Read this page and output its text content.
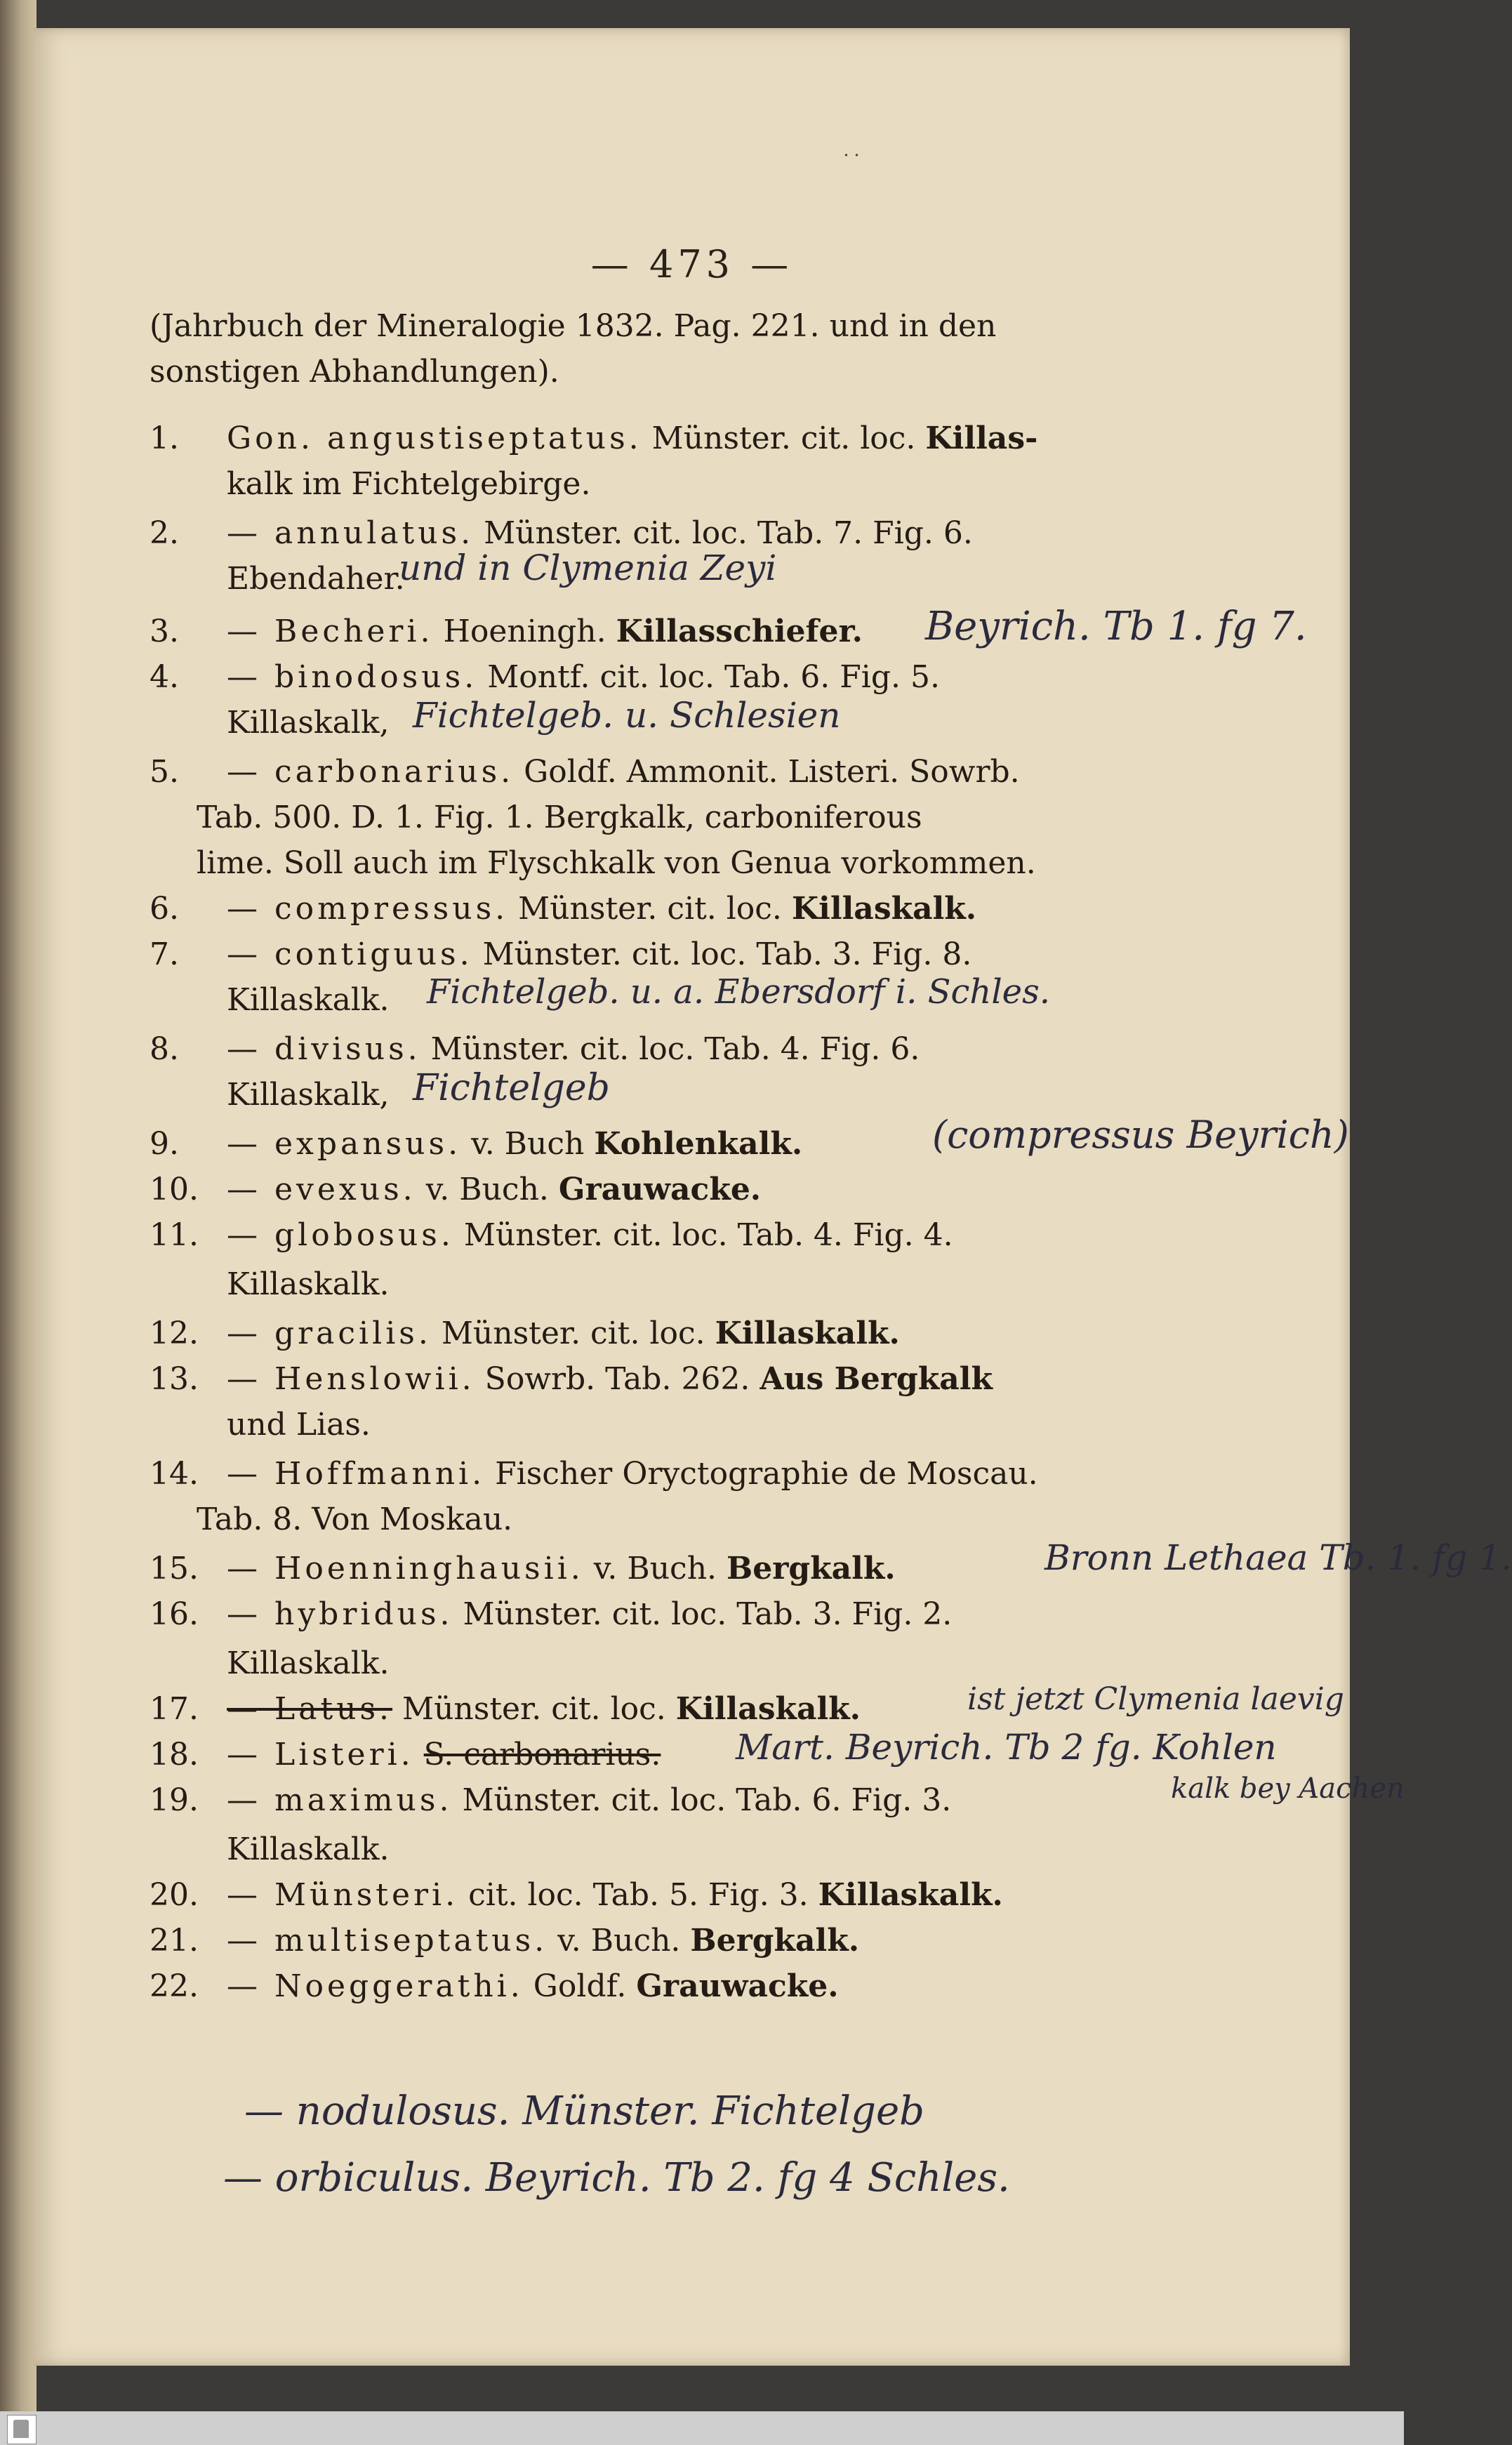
˙˙
— 473 —
(Jahrbuch der Mineralogie 1832. Pag. 221. und in den
sonstigen Abhandlungen).
1. Gon. angustiseptatus. Münster. cit. loc. Killas-
kalk im Fichtelgebirge.
2. — annulatus. Münster. cit. loc. Tab. 7. Fig. 6.
Ebendaher.
und in Clymenia Zeyi
3. — Becheri. Hoeningh. Killasschiefer. Beyrich. Tb 1. fg 7.
4. — binodosus. Montf. cit. loc. Tab. 6. Fig. 5.
Killaskalk, Fichtelgeb. u. Schlesien
5. — carbonarius. Goldf. Ammonit. Listeri. Sowrb.
Tab. 500. D. 1. Fig. 1. Bergkalk, carboniferous
lime. Soll auch im Flyschkalk von Genua vorkommen.
6. — compressus. Münster. cit. loc. Killaskalk.
7. — contiguus. Münster. cit. loc. Tab. 3. Fig. 8.
Killaskalk. Fichtelgeb. u. a. Ebersdorf i. Schles.
8. — divisus. Münster. cit. loc. Tab. 4. Fig. 6.
Killaskalk, Fichtelgeb
9. — expansus. v. Buch Kohlenkalk.	(compressus Beyrich)
10. — evexus. v. Buch. Grauwacke.
11. — globosus. Münster. cit. loc. Tab. 4. Fig. 4.
Killaskalk.
12. — gracilis. Münster. cit. loc. Killaskalk.
13. — Henslowii. Sowrb. Tab. 262. Aus Bergkalk
und Lias.
14. — Hoffmanni. Fischer Oryctographie de Moscau.
Tab. 8. Von Moskau.
15. — Hoenninghausii. v. Buch. Bergkalk.	Bronn Lethaea Tb. 1. fg 1.
16. — hybridus. Münster. cit. loc. Tab. 3. Fig. 2.
Killaskalk.
17. — Latus. Münster. cit. loc. Killaskalk.	ist jetzt Clymenia laevig
18. — Listeri. S. carbonarius. Mart. Beyrich. Tb 2 fg. Kohlen
19. — maximus. Münster. cit. loc. Tab. 6. Fig. 3.
Killaskalk.
kalk bey Aachen
20. — Münsteri. cit. loc. Tab. 5. Fig. 3. Killaskalk.
21. — multiseptatus. v. Buch. Bergkalk.
22. — Noeggerathi. Goldf. Grauwacke.
— nodulosus. Münster. Fichtelgeb
— orbiculus. Beyrich. Tb 2. fg 4 Schles.
